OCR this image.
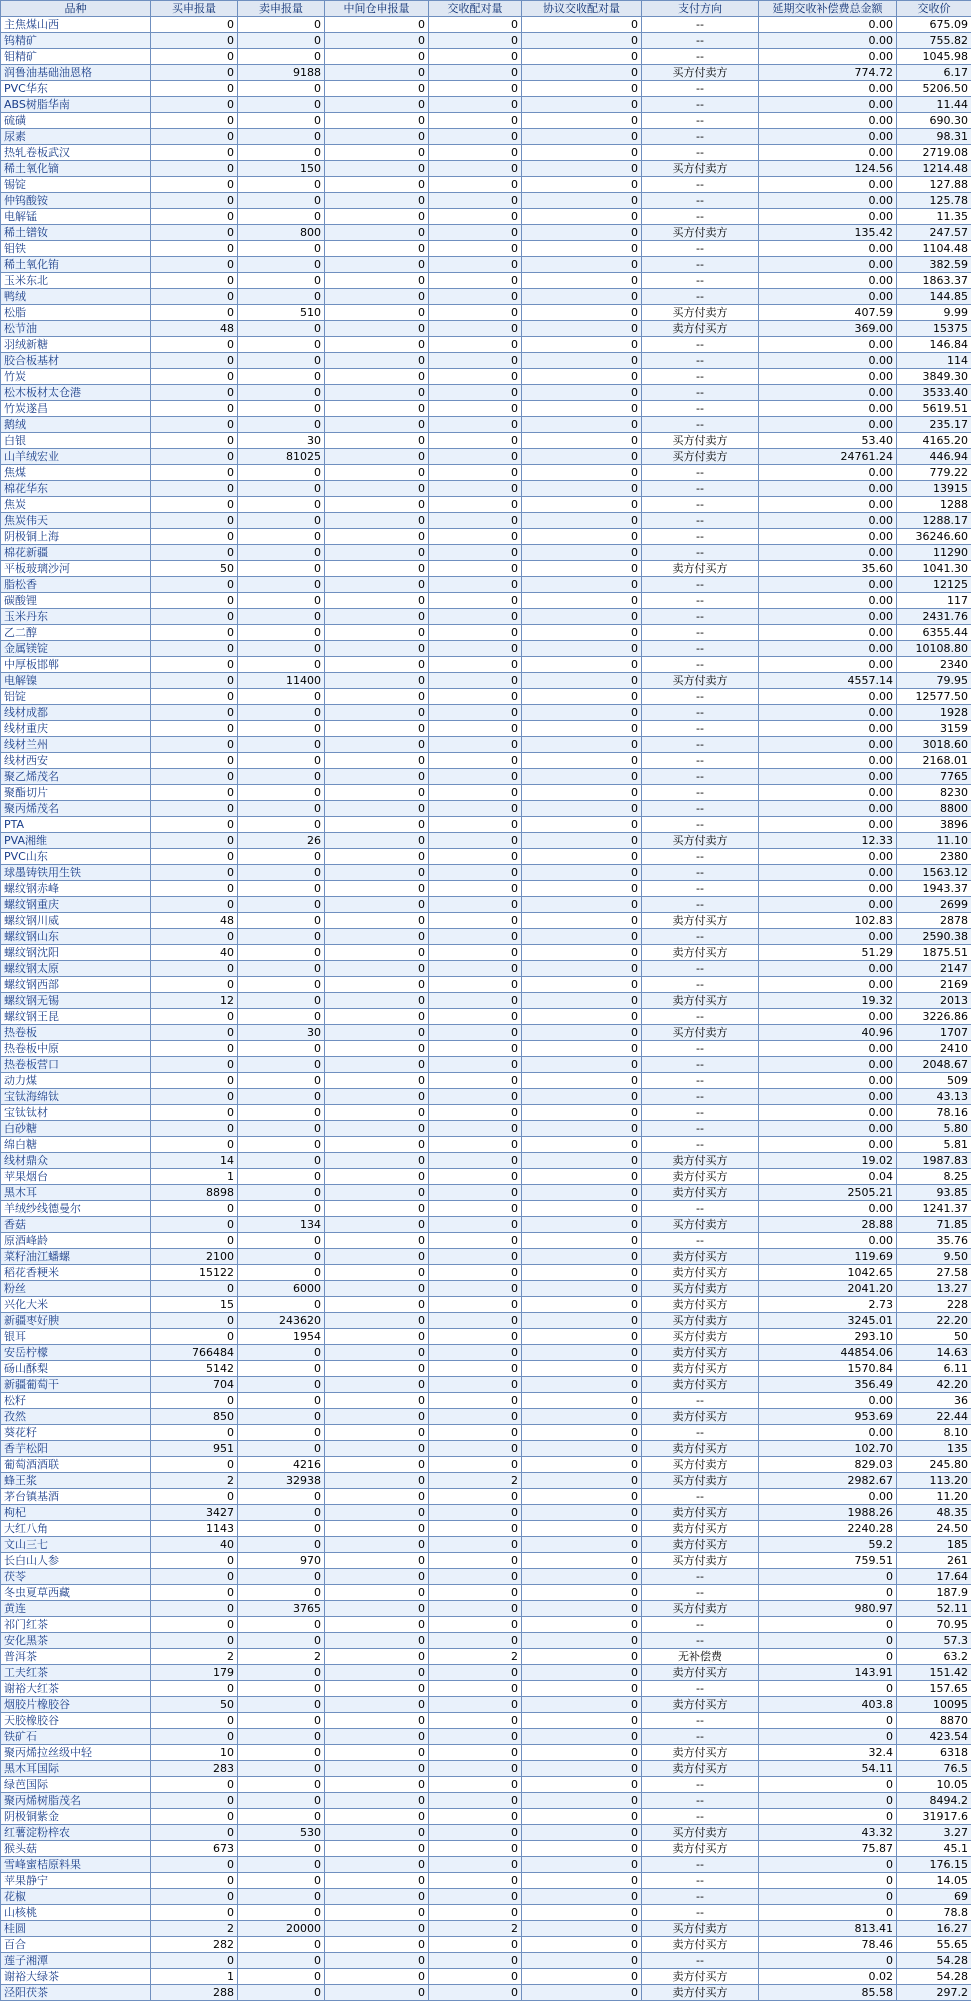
品种	买申报量	卖申报量	中间仓申报量	交收配对量	协议交收配对量	支付方向	延期交收补偿费总金额	交收价
主焦煤山西	0	0	0	0	0	--	0.00	675.09
钨精矿	0	0	0	0	0	--	0.00	755.82
钼精矿	0	0	0	0	0	--	0.00	1045.98
润鲁油基础油恩格	0	9188	0	0	0	买方付卖方	774.72	6.17
PVC华东	0	0	0	0	0	--	0.00	5206.50
ABS树脂华南	0	0	0	0	0	--	0.00	11.44
硫磺	0	0	0	0	0	--	0.00	690.30
尿素	0	0	0	0	0	--	0.00	98.31
热轧卷板武汉	0	0	0	0	0	--	0.00	2719.08
稀土氧化镝	0	150	0	0	0	买方付卖方	124.56	1214.48
锡锭	0	0	0	0	0	--	0.00	127.88
仲钨酸铵	0	0	0	0	0	--	0.00	125.78
电解锰	0	0	0	0	0	--	0.00	11.35
稀土镨钕	0	800	0	0	0	买方付卖方	135.42	247.57
钼铁	0	0	0	0	0	--	0.00	1104.48
稀土氧化铕	0	0	0	0	0	--	0.00	382.59
玉米东北	0	0	0	0	0	--	0.00	1863.37
鸭绒	0	0	0	0	0	--	0.00	144.85
松脂	0	510	0	0	0	买方付卖方	407.59	9.99
松节油	48	0	0	0	0	卖方付买方	369.00	15375
羽绒新糖	0	0	0	0	0	--	0.00	146.84
胶合板基材	0	0	0	0	0	--	0.00	114
竹炭	0	0	0	0	0	--	0.00	3849.30
松木板材太仓港	0	0	0	0	0	--	0.00	3533.40
竹炭遂昌	0	0	0	0	0	--	0.00	5619.51
鹅绒	0	0	0	0	0	--	0.00	235.17
白银	0	30	0	0	0	买方付卖方	53.40	4165.20
山羊绒宏业	0	81025	0	0	0	买方付卖方	24761.24	446.94
焦煤	0	0	0	0	0	--	0.00	779.22
棉花华东	0	0	0	0	0	--	0.00	13915
焦炭	0	0	0	0	0	--	0.00	1288
焦炭伟天	0	0	0	0	0	--	0.00	1288.17
阴极铜上海	0	0	0	0	0	--	0.00	36246.60
棉花新疆	0	0	0	0	0	--	0.00	11290
平板玻璃沙河	50	0	0	0	0	卖方付买方	35.60	1041.30
脂松香	0	0	0	0	0	--	0.00	12125
碳酸锂	0	0	0	0	0	--	0.00	117
玉米丹东	0	0	0	0	0	--	0.00	2431.76
乙二醇	0	0	0	0	0	--	0.00	6355.44
金属镁锭	0	0	0	0	0	--	0.00	10108.80
中厚板邯郸	0	0	0	0	0	--	0.00	2340
电解镍	0	11400	0	0	0	买方付卖方	4557.14	79.95
铝锭	0	0	0	0	0	--	0.00	12577.50
线材成都	0	0	0	0	0	--	0.00	1928
线材重庆	0	0	0	0	0	--	0.00	3159
线材兰州	0	0	0	0	0	--	0.00	3018.60
线材西安	0	0	0	0	0	--	0.00	2168.01
聚乙烯茂名	0	0	0	0	0	--	0.00	7765
聚酯切片	0	0	0	0	0	--	0.00	8230
聚丙烯茂名	0	0	0	0	0	--	0.00	8800
PTA	0	0	0	0	0	--	0.00	3896
PVA湘维	0	26	0	0	0	买方付卖方	12.33	11.10
PVC山东	0	0	0	0	0	--	0.00	2380
球墨铸铁用生铁	0	0	0	0	0	--	0.00	1563.12
螺纹钢赤峰	0	0	0	0	0	--	0.00	1943.37
螺纹钢重庆	0	0	0	0	0	--	0.00	2699
螺纹钢川威	48	0	0	0	0	卖方付买方	102.83	2878
螺纹钢山东	0	0	0	0	0	--	0.00	2590.38
螺纹钢沈阳	40	0	0	0	0	卖方付买方	51.29	1875.51
螺纹钢太原	0	0	0	0	0	--	0.00	2147
螺纹钢西部	0	0	0	0	0	--	0.00	2169
螺纹钢无锡	12	0	0	0	0	卖方付买方	19.32	2013
螺纹钢王昆	0	0	0	0	0	--	0.00	3226.86
热卷板	0	30	0	0	0	买方付卖方	40.96	1707
热卷板中原	0	0	0	0	0	--	0.00	2410
热卷板营口	0	0	0	0	0	--	0.00	2048.67
动力煤	0	0	0	0	0	--	0.00	509
宝钛海绵钛	0	0	0	0	0	--	0.00	43.13
宝钛钛材	0	0	0	0	0	--	0.00	78.16
白砂糖	0	0	0	0	0	--	0.00	5.80
绵白糖	0	0	0	0	0	--	0.00	5.81
线材鼎众	14	0	0	0	0	卖方付买方	19.02	1987.83
苹果烟台	1	0	0	0	0	卖方付买方	0.04	8.25
黑木耳	8898	0	0	0	0	卖方付买方	2505.21	93.85
羊绒纱线德曼尔	0	0	0	0	0	--	0.00	1241.37
香菇	0	134	0	0	0	买方付卖方	28.88	71.85
原酒峰龄	0	0	0	0	0	--	0.00	35.76
菜籽油江蟠螺	2100	0	0	0	0	卖方付买方	119.69	9.50
稻花香粳米	15122	0	0	0	0	卖方付买方	1042.65	27.58
粉丝	0	6000	0	0	0	买方付卖方	2041.20	13.27
兴化大米	15	0	0	0	0	卖方付买方	2.73	228
新疆枣好腴	0	243620	0	0	0	买方付卖方	3245.01	22.20
银耳	0	1954	0	0	0	买方付卖方	293.10	50
安岳柠檬	766484	0	0	0	0	卖方付买方	44854.06	14.63
砀山酥梨	5142	0	0	0	0	卖方付买方	1570.84	6.11
新疆葡萄干	704	0	0	0	0	卖方付买方	356.49	42.20
松籽	0	0	0	0	0	--	0.00	36
孜然	850	0	0	0	0	卖方付买方	953.69	22.44
葵花籽	0	0	0	0	0	--	0.00	8.10
香芋松阳	951	0	0	0	0	卖方付买方	102.70	135
葡萄酒酒联	0	4216	0	0	0	买方付卖方	829.03	245.80
蜂王浆	2	32938	0	2	0	买方付卖方	2982.67	113.20
茅台镇基酒	0	0	0	0	0	--	0.00	11.20
枸杞	3427	0	0	0	0	卖方付买方	1988.26	48.35
大红八角	1143	0	0	0	0	卖方付买方	2240.28	24.50
文山三七	40	0	0	0	0	卖方付买方	59.2	185
长白山人参	0	970	0	0	0	买方付卖方	759.51	261
茯苓	0	0	0	0	0	--	0	17.64
冬虫夏草西藏	0	0	0	0	0	--	0	187.9
黄连	0	3765	0	0	0	买方付卖方	980.97	52.11
祁门红茶	0	0	0	0	0	--	0	70.95
安化黑茶	0	0	0	0	0	--	0	57.3
普洱茶	2	2	0	2	0	无补偿费	0	63.2
工夫红茶	179	0	0	0	0	卖方付买方	143.91	151.42
谢裕大红茶	0	0	0	0	0	--	0	157.65
烟胶片橡胶谷	50	0	0	0	0	卖方付买方	403.8	10095
天胶橡胶谷	0	0	0	0	0	--	0	8870
铁矿石	0	0	0	0	0	--	0	423.54
聚丙烯拉丝级中轻	10	0	0	0	0	卖方付买方	32.4	6318
黑木耳国际	283	0	0	0	0	卖方付买方	54.11	76.5
绿芭国际	0	0	0	0	0	--	0	10.05
聚丙烯树脂茂名	0	0	0	0	0	--	0	8494.2
阴极铜紫金	0	0	0	0	0	--	0	31917.6
红薯淀粉梓农	0	530	0	0	0	买方付卖方	43.32	3.27
猴头菇	673	0	0	0	0	卖方付买方	75.87	45.1
雪峰蜜桔原料果	0	0	0	0	0	--	0	176.15
苹果静宁	0	0	0	0	0	--	0	14.05
花椒	0	0	0	0	0	--	0	69
山核桃	0	0	0	0	0	--	0	78.8
桂圆	2	20000	0	2	0	买方付卖方	813.41	16.27
百合	282	0	0	0	0	卖方付买方	78.46	55.65
莲子湘潭	0	0	0	0	0	--	0	54.28
谢裕大绿茶	1	0	0	0	0	卖方付买方	0.02	54.28
泾阳茯茶	288	0	0	0	0	卖方付买方	85.58	297.2
